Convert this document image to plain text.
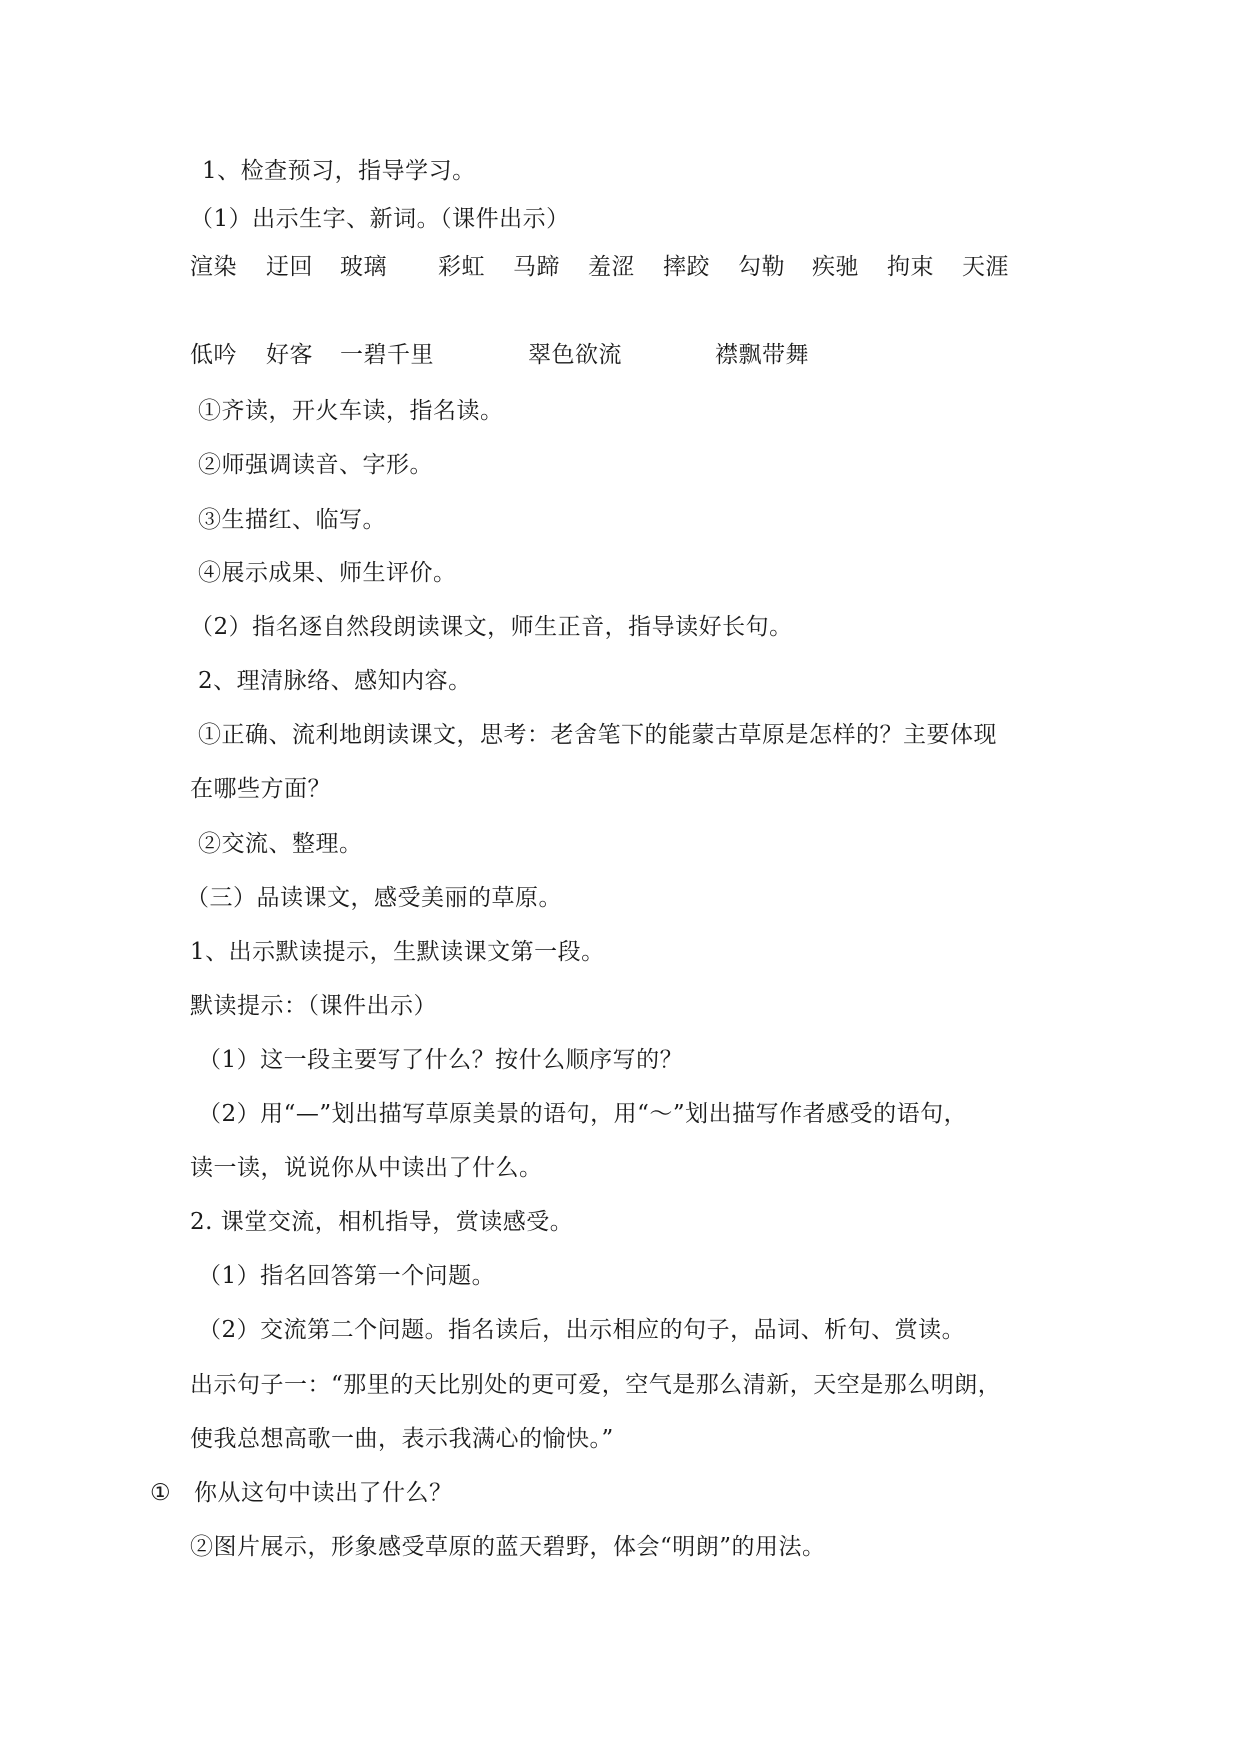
1、检查预习，指导学习。
（1）出示生字、新词。（课件出示）
渲染 迂回 玻璃 彩虹 马蹄 羞涩 摔跤 勾勒 疾驰 拘束 天涯
低吟 好客 一碧千里	翠色欲流	襟飘带舞
①齐读，开火车读，指名读。
②师强调读音、字形。
③生描红、临写。
④展示成果、师生评价。
（2）指名逐自然段朗读课文，师生正音，指导读好长句。
2、理清脉络、感知内容。
①正确、流利地朗读课文，思考：老舍笔下的能蒙古草原是怎样的？主要体现
在哪些方面？
②交流、整理。
（三）品读课文，感受美丽的草原。
1、出示默读提示，生默读课文第一段。
默读提示：（课件出示）
（1）这一段主要写了什么？按什么顺序写的？
（2）用“—”划出描写草原美景的语句，用“～”划出描写作者感受的语句，
读一读，说说你从中读出了什么。
2. 课堂交流，相机指导，赏读感受。
（1）指名回答第一个问题。
（2）交流第二个问题。指名读后，出示相应的句子，品词、析句、赏读。
出示句子一：“那里的天比别处的更可爱，空气是那么清新，天空是那么明朗，
使我总想高歌一曲，表示我满心的愉快。”
① 你从这句中读出了什么？
②图片展示，形象感受草原的蓝天碧野，体会“明朗”的用法。
